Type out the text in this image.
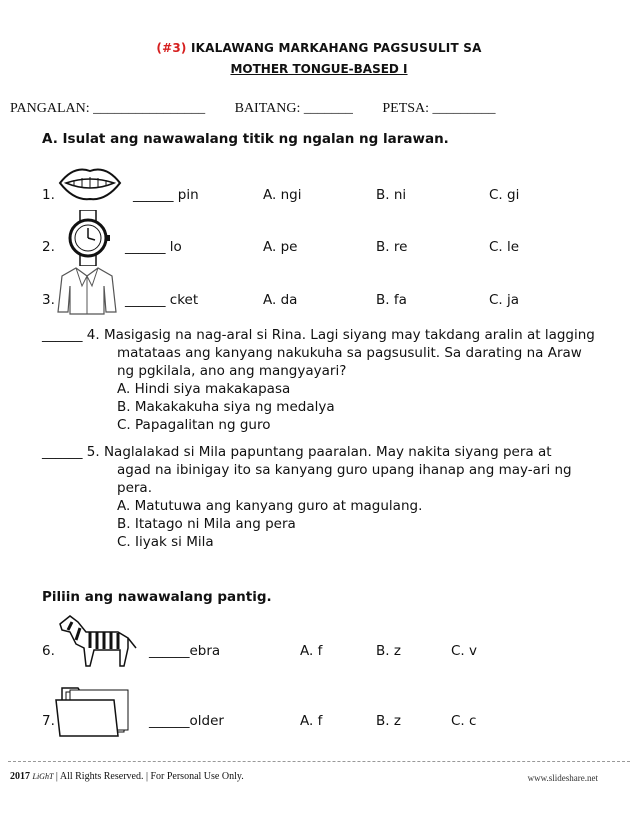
(#3) IKALAWANG MARKAHANG PAGSUSULIT SA
MOTHER TONGUE-BASED I
PANGALAN: ________________ BAITANG: _______ PETSA: _________
A. Isulat ang nawawalang titik ng ngalan ng larawan.
1.	______ pin	A. ngi	B. ni	C. gi
2.	______ lo	A. pe	B. re	C. le
3.	______ cket	A. da	B. fa	C. ja
______ 4. Masigasig na nag-aral si Rina. Lagi siyang may takdang aralin at lagging
matataas ang kanyang nakukuha sa pagsusulit. Sa darating na Araw
ng pgkilala, ano ang mangyayari?
A. Hindi siya makakapasa
B. Makakakuha siya ng medalya
C. Papagalitan ng guro
______ 5. Naglalakad si Mila papuntang paaralan. May nakita siyang pera at
agad na ibinigay ito sa kanyang guro upang ihanap ang may-ari ng
pera.
A. Matutuwa ang kanyang guro at magulang.
B. Itatago ni Mila ang pera
C. Iiyak si Mila
Piliin ang nawawalang pantig.
6.	______ebra	A. f	B. z	C. v
7.	______older	A. f	B. z	C. c
2017 LiGhT | All Rights Reserved. | For Personal Use Only.	www.slideshare.net
